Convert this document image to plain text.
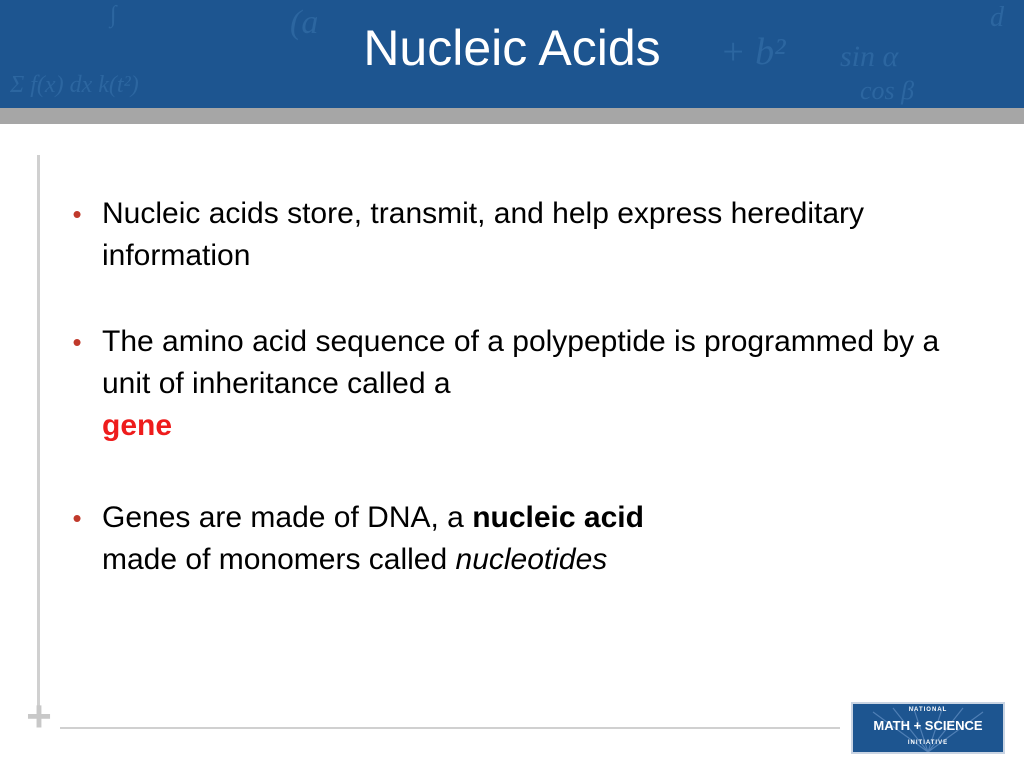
(a
+ b² sin α
cos β
Σ f(x) dx k(t²)
∫	d
Nucleic Acids
+
• Nucleic acids store, transmit, and help express hereditary information
• The amino acid sequence of a polypeptide is programmed by a unit of inheritance called a
gene
• Genes are made of DNA, a nucleic acid
made of monomers called nucleotides
NATIONAL
MATH + SCIENCE
INITIATIVE
